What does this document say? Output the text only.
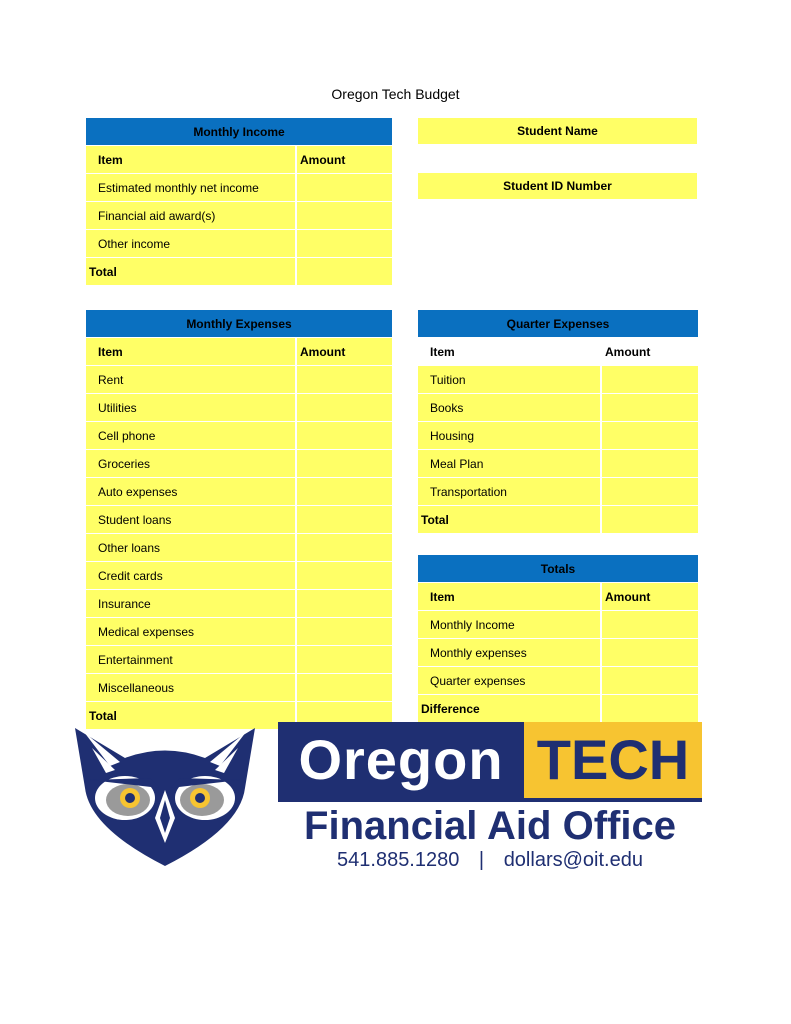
Oregon Tech Budget
Monthly Income	
Item	Amount
Estimated monthly net income	
Financial aid award(s)	
Other income	
Total	
Student Name
Student ID Number
Monthly Expenses	
Item	Amount
Rent	
Utilities	
Cell phone	
Groceries	
Auto expenses	
Student loans	
Other loans	
Credit cards	
Insurance	
Medical expenses	
Entertainment	
Miscellaneous	
Total	
Quarter Expenses	
Item	Amount
Tuition	
Books	
Housing	
Meal Plan	
Transportation	
Total	
Totals	
Item	Amount
Monthly Income	
Monthly expenses	
Quarter expenses	
Difference	
Oregon TECH
Financial Aid Office
541.885.1280 | dollars@oit.edu
